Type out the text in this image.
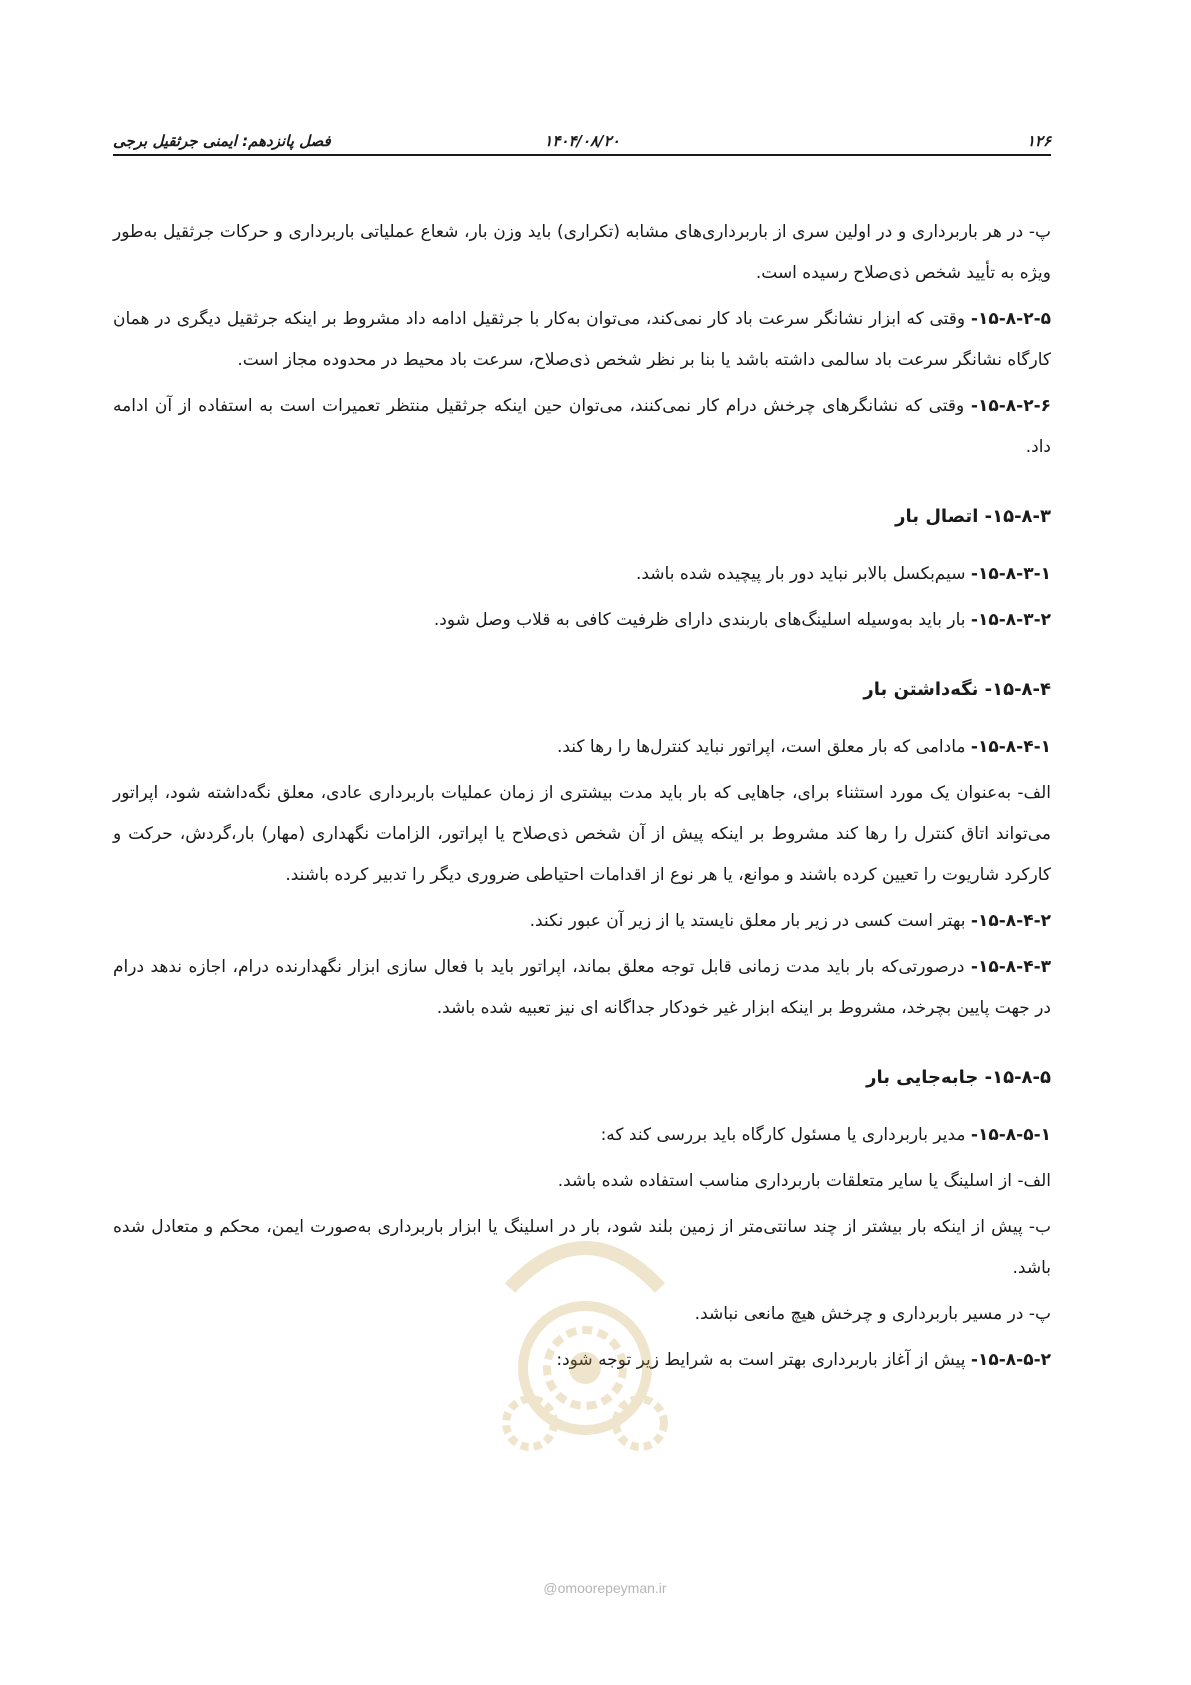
۱۲۶
۱۴۰۴/۰۸/۲۰
فصل پانزدهم: ایمنی جرثقیل برجی

پ- در هر باربرداری و در اولین سری از باربرداری‌های مشابه (تکراری) باید وزن بار، شعاع عملیاتی باربرداری و حرکات جرثقیل به‌طور ویژه به تأیید شخص ذی‌صلاح رسیده است.

۱۵-۸-۲-۵- وقتی که ابزار نشانگر سرعت باد کار نمی‌کند، می‌توان به‌کار با جرثقیل ادامه داد مشروط بر اینکه جرثقیل دیگری در همان کارگاه نشانگر سرعت باد سالمی داشته باشد یا بنا بر نظر شخص ذی‌صلاح، سرعت باد محیط در محدوده مجاز است.

۱۵-۸-۲-۶- وقتی که نشانگرهای چرخش درام کار نمی‌کنند، می‌توان حین اینکه جرثقیل منتظر تعمیرات است به استفاده از آن ادامه داد.

۱۵-۸-۳- اتصال بار

۱۵-۸-۳-۱- سیم‌بکسل بالابر نباید دور بار پیچیده شده باشد.

۱۵-۸-۳-۲- بار باید به‌وسیله اسلینگ‌های باربندی دارای ظرفیت کافی به قلاب وصل شود.

۱۵-۸-۴- نگه‌داشتن بار

۱۵-۸-۴-۱- مادامی که بار معلق است، اپراتور نباید کنترل‌ها را رها کند.

الف- به‌عنوان یک مورد استثناء برای، جاهایی که بار باید مدت بیشتری از زمان عملیات باربرداری عادی، معلق نگه‌داشته شود، اپراتور می‌تواند اتاق کنترل را رها کند مشروط بر اینکه پیش از آن شخص ذی‌صلاح یا اپراتور، الزامات نگهداری (مهار) بار،گردش، حرکت و کارکرد شاریوت را تعیین کرده باشند و موانع، یا هر نوع از اقدامات احتیاطی ضروری دیگر را تدبیر کرده باشند.

۱۵-۸-۴-۲- بهتر است کسی در زیر بار معلق نایستد یا از زیر آن عبور نکند.

۱۵-۸-۴-۳- درصورتی‌که بار باید مدت زمانی قابل توجه معلق بماند، اپراتور باید با فعال سازی ابزار نگهدارنده درام، اجازه ندهد درام در جهت پایین بچرخد، مشروط بر اینکه ابزار غیر خودکار جداگانه ای نیز تعبیه شده باشد.

۱۵-۸-۵- جابه‌جایی بار

۱۵-۸-۵-۱- مدیر باربرداری یا مسئول کارگاه باید بررسی کند که:

الف- از اسلینگ یا سایر متعلقات باربرداری مناسب استفاده شده باشد.

ب- پیش از اینکه بار بیشتر از چند سانتی‌متر از زمین بلند شود، بار در اسلینگ یا ابزار باربرداری به‌صورت ایمن، محکم و متعادل شده باشد.

پ- در مسیر باربرداری و چرخش هیچ مانعی نباشد.

۱۵-۸-۵-۲- پیش از آغاز باربرداری بهتر است به شرایط زیر توجه شود:

@omoorepeyman.ir
